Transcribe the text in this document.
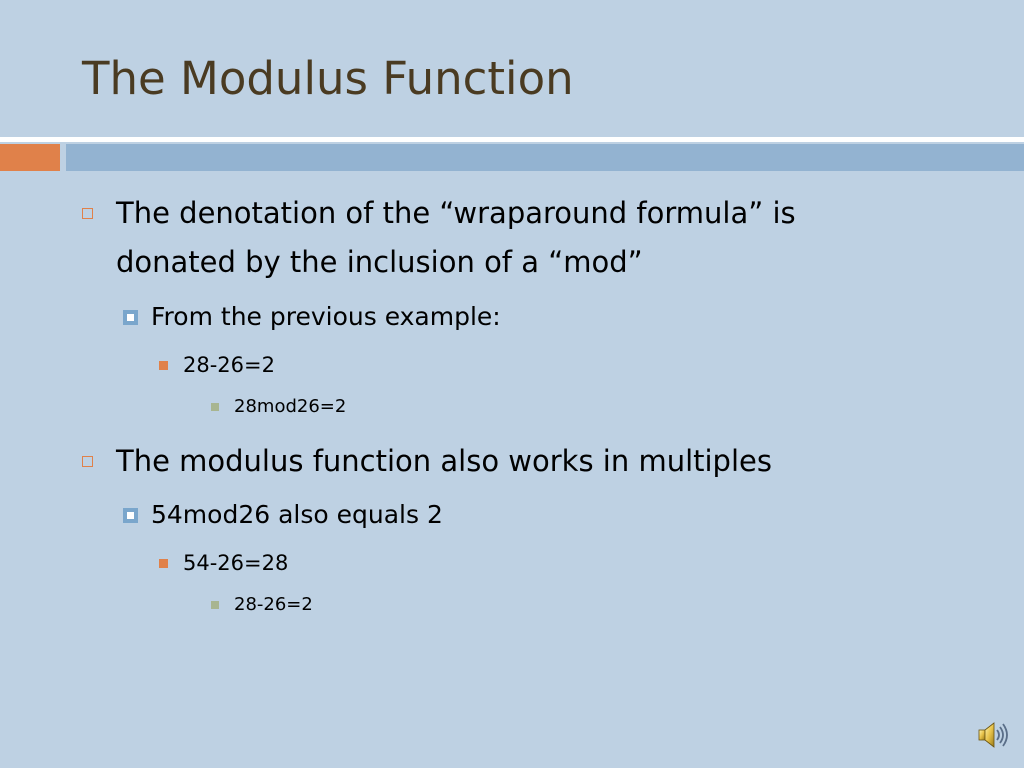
The Modulus Function
The denotation of the “wraparound formula” is
donated by the inclusion of a “mod”
From the previous example:
28-26=2
28mod26=2
The modulus function also works in multiples
54mod26 also equals 2
54-26=28
28-26=2
